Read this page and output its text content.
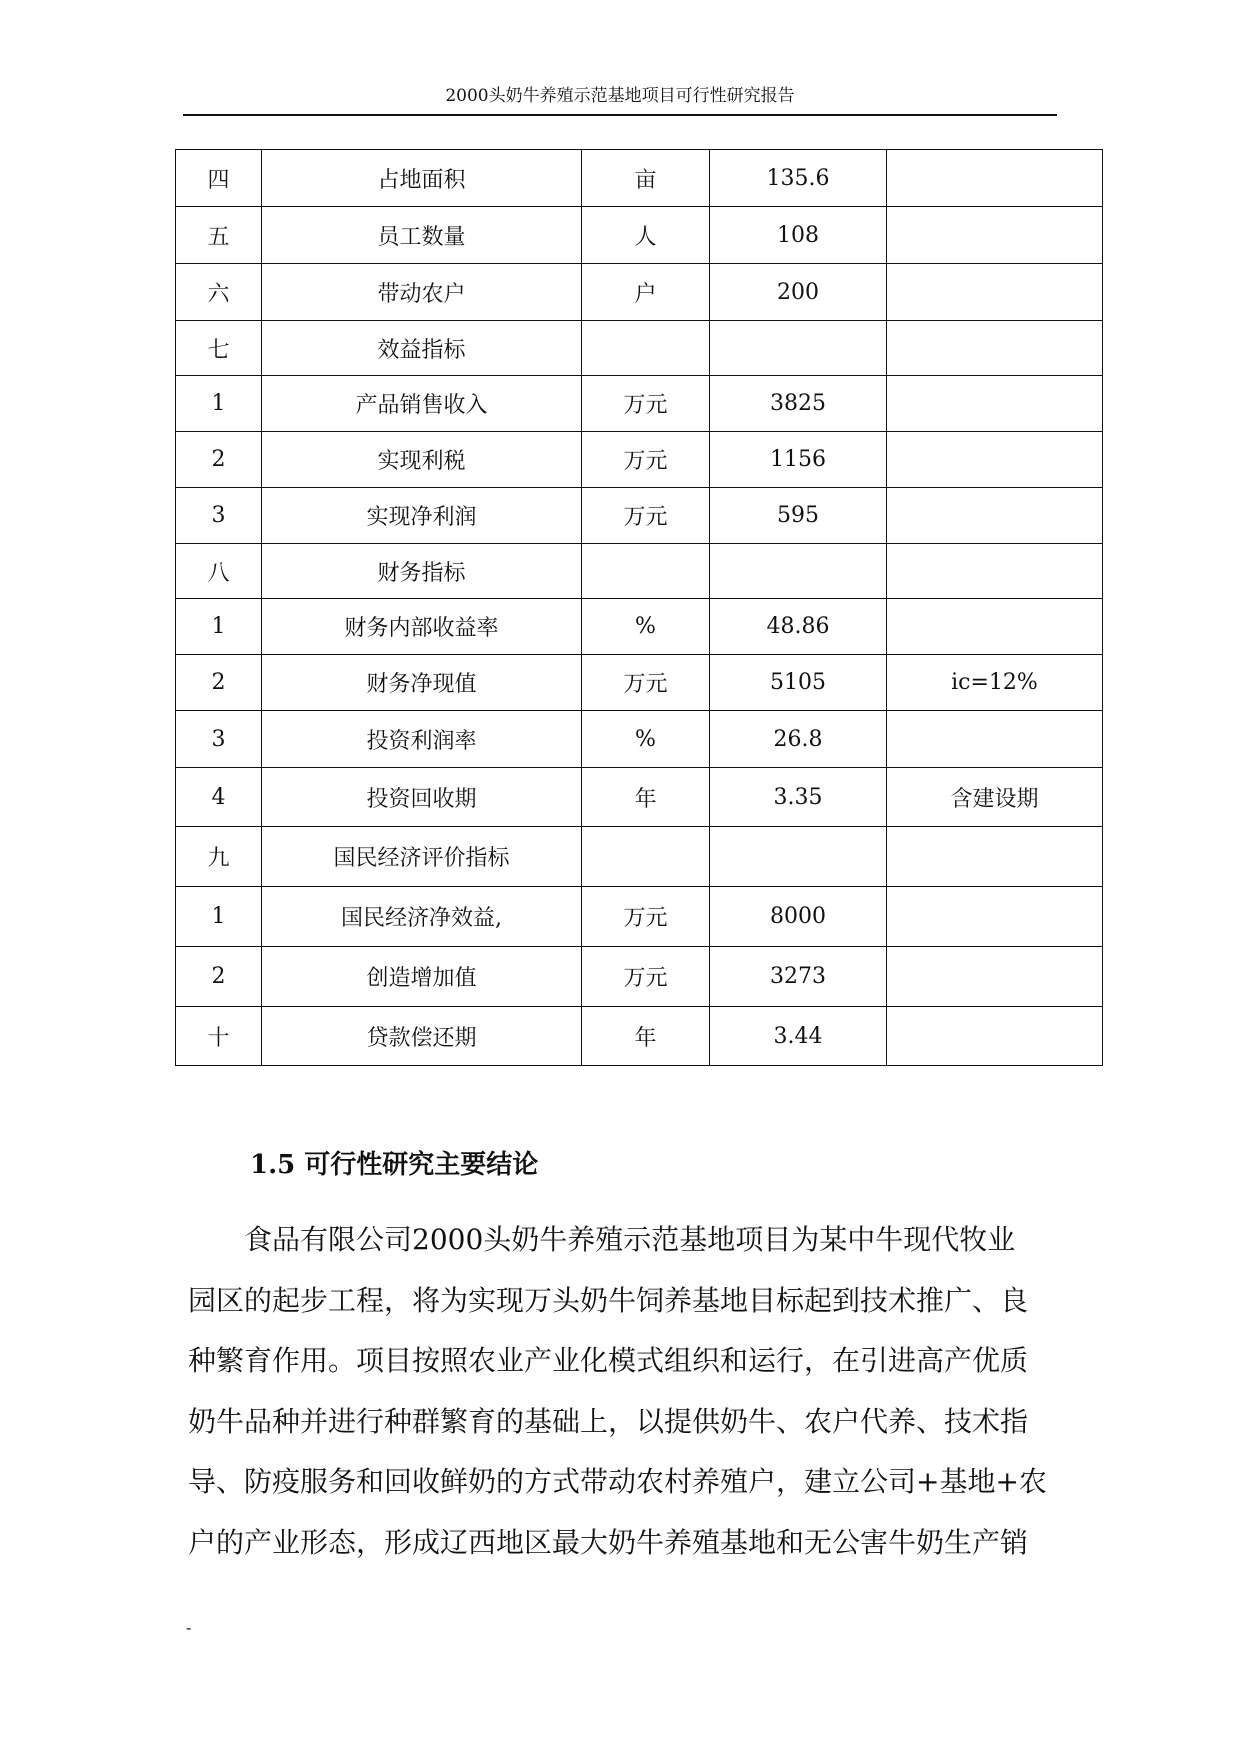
2000头奶牛养殖示范基地项目可行性研究报告
四	占地面积	亩	135.6	
五	员工数量	人	108	
六	带动农户	户	200	
七	效益指标			
1	产品销售收入	万元	3825	
2	实现利税	万元	1156	
3	实现净利润	万元	595	
八	财务指标			
1	财务内部收益率	%	48.86	
2	财务净现值	万元	5105	ic=12%
3	投资利润率	%	26.8	
4	投资回收期	年	3.35	含建设期
九	国民经济评价指标			
1	国民经济净效益,	万元	8000	
2	创造增加值	万元	3273	
十	贷款偿还期	年	3.44	
1.5 可行性研究主要结论

　　食品有限公司2000头奶牛养殖示范基地项目为某中牛现代牧业
园区的起步工程，将为实现万头奶牛饲养基地目标起到技术推广、良
种繁育作用。项目按照农业产业化模式组织和运行，在引进高产优质
奶牛品种并进行种群繁育的基础上，以提供奶牛、农户代养、技术指
导、防疫服务和回收鲜奶的方式带动农村养殖户，建立公司+基地+农
户的产业形态，形成辽西地区最大奶牛养殖基地和无公害牛奶生产销

-
